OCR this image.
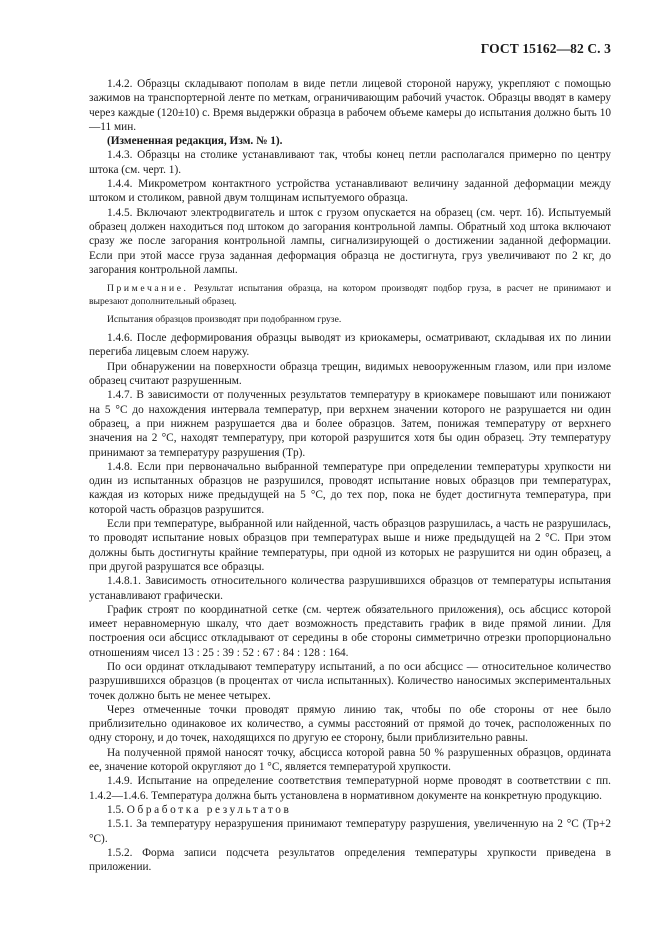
ГОСТ 15162—82 С. 3

1.4.2. Образцы складывают пополам в виде петли лицевой стороной наружу, укрепляют с помощью зажимов на транспортерной ленте по меткам, ограничивающим рабочий участок. Образцы вводят в камеру через каждые (120±10) с. Время выдержки образца в рабочем объеме камеры до испытания должно быть 10—11 мин.

(Измененная редакция, Изм. № 1).

1.4.3. Образцы на столике устанавливают так, чтобы конец петли располагался примерно по центру штока (см. черт. 1).

1.4.4. Микрометром контактного устройства устанавливают величину заданной деформации между штоком и столиком, равной двум толщинам испытуемого образца.

1.4.5. Включают электродвигатель и шток с грузом опускается на образец (см. черт. 1б). Испытуемый образец должен находиться под штоком до загорания контрольной лампы. Обратный ход штока включают сразу же после загорания контрольной лампы, сигнализирующей о достижении заданной деформации. Если при этой массе груза заданная деформация образца не достигнута, груз увеличивают по 2 кг, до загорания контрольной лампы.

Примечание. Результат испытания образца, на котором производят подбор груза, в расчет не принимают и вырезают дополнительный образец.

Испытания образцов производят при подобранном грузе.

1.4.6. После деформирования образцы выводят из криокамеры, осматривают, складывая их по линии перегиба лицевым слоем наружу.

При обнаружении на поверхности образца трещин, видимых невооруженным глазом, или при изломе образец считают разрушенным.

1.4.7. В зависимости от полученных результатов температуру в криокамере повышают или понижают на 5 °С до нахождения интервала температур, при верхнем значении которого не разрушается ни один образец, а при нижнем разрушается два и более образцов. Затем, понижая температуру от верхнего значения на 2 °С, находят температуру, при которой разрушится хотя бы один образец. Эту температуру принимают за температуру разрушения (Tp).

1.4.8. Если при первоначально выбранной температуре при определении температуры хрупкости ни один из испытанных образцов не разрушился, проводят испытание новых образцов при температурах, каждая из которых ниже предыдущей на 5 °С, до тех пор, пока не будет достигнута температура, при которой часть образцов разрушится.

Если при температуре, выбранной или найденной, часть образцов разрушилась, а часть не разрушилась, то проводят испытание новых образцов при температурах выше и ниже предыдущей на 2 °С. При этом должны быть достигнуты крайние температуры, при одной из которых не разрушится ни один образец, а при другой разрушатся все образцы.

1.4.8.1. Зависимость относительного количества разрушившихся образцов от температуры испытания устанавливают графически.

График строят по координатной сетке (см. чертеж обязательного приложения), ось абсцисс которой имеет неравномерную шкалу, что дает возможность представить график в виде прямой линии. Для построения оси абсцисс откладывают от середины в обе стороны симметрично отрезки пропорционально отношениям чисел 13 : 25 : 39 : 52 : 67 : 84 : 128 : 164.

По оси ординат откладывают температуру испытаний, а по оси абсцисс — относительное количество разрушившихся образцов (в процентах от числа испытанных). Количество наносимых экспериментальных точек должно быть не менее четырех.

Через отмеченные точки проводят прямую линию так, чтобы по обе стороны от нее было приблизительно одинаковое их количество, а суммы расстояний от прямой до точек, расположенных по одну сторону, и до точек, находящихся по другую ее сторону, были приблизительно равны.

На полученной прямой наносят точку, абсцисса которой равна 50 % разрушенных образцов, ордината ее, значение которой округляют до 1 °С, является температурой хрупкости.

1.4.9. Испытание на определение соответствия температурной норме проводят в соответствии с пп. 1.4.2—1.4.6. Температура должна быть установлена в нормативном документе на конкретную продукцию.

1.5. Обработка результатов

1.5.1. За температуру неразрушения принимают температуру разрушения, увеличенную на 2 °С (Tp+2 °С).

1.5.2. Форма записи подсчета результатов определения температуры хрупкости приведена в приложении.
